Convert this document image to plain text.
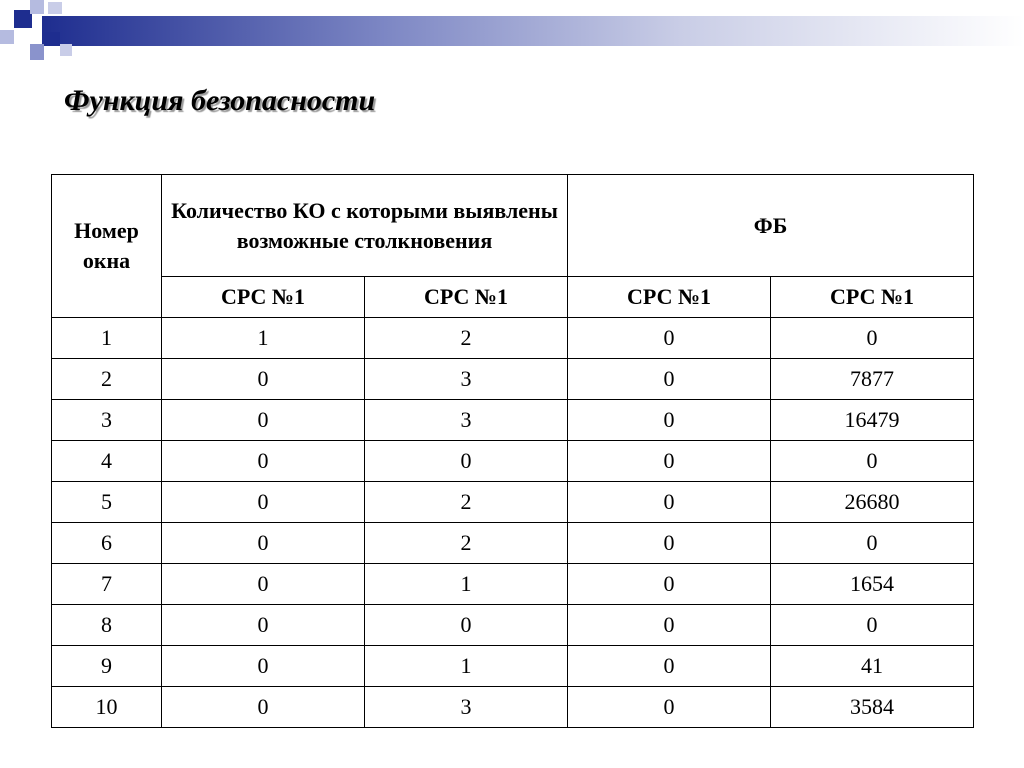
Функция безопасности
Номер окна	Количество КО с которыми выявлены возможные столкновения		ФБ	
	СРС №1	СРС №1	СРС №1	СРС №1
1	1	2	0	0
2	0	3	0	7877
3	0	3	0	16479
4	0	0	0	0
5	0	2	0	26680
6	0	2	0	0
7	0	1	0	1654
8	0	0	0	0
9	0	1	0	41
10	0	3	0	3584
